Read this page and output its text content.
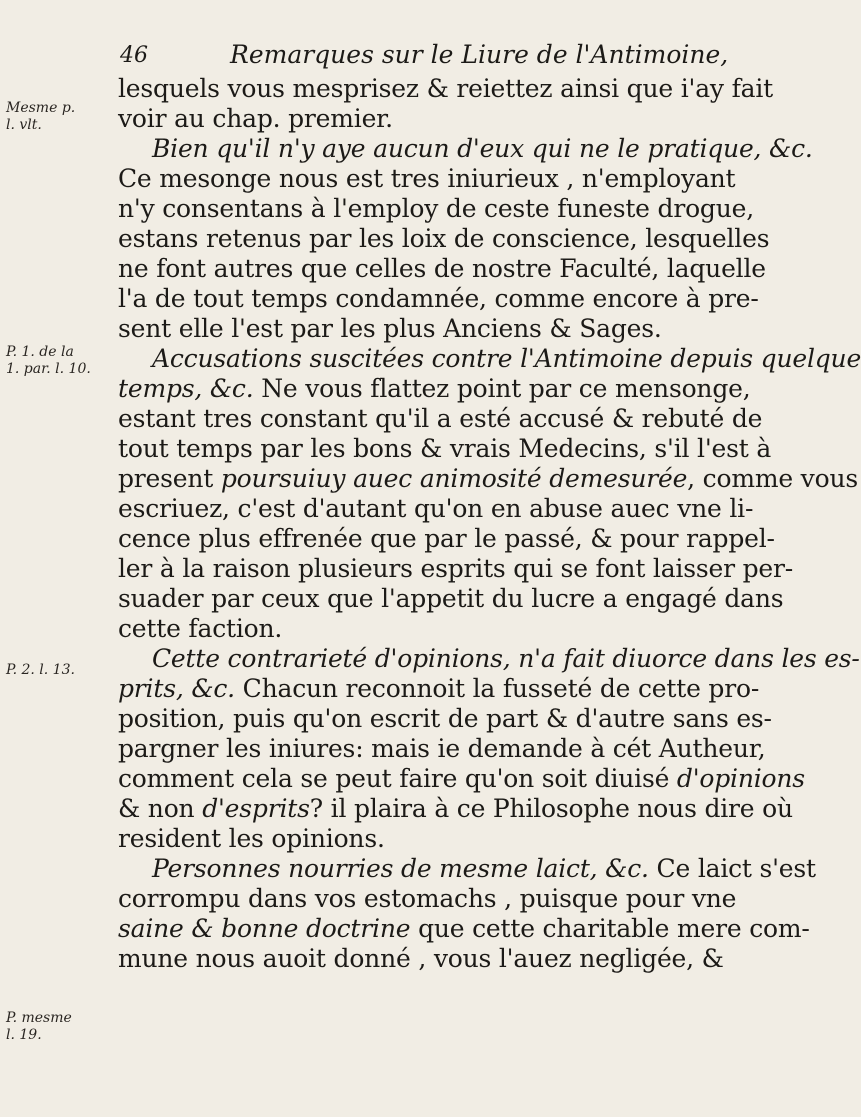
46	Remarques sur le Liure de l'Antimoine,
Mesme p.
l. vlt.
P. 1. de la
1. par. l. 10.
P. 2. l. 13.
P. mesme
l. 19.
lesquels vous mesprisez & reiettez ainsi que i'ay fait
voir au chap. premier.
Bien qu'il n'y aye aucun d'eux qui ne le pratique, &c.
Ce mesonge nous est tres iniurieux , n'employant
n'y consentans à l'employ de ceste funeste drogue,
estans retenus par les loix de conscience, lesquelles
ne font autres que celles de nostre Faculté, laquelle
l'a de tout temps condamnée, comme encore à pre-
sent elle l'est par les plus Anciens & Sages.
Accusations suscitées contre l'Antimoine depuis quelque
temps, &c. Ne vous flattez point par ce mensonge,
estant tres constant qu'il a esté accusé & rebuté de
tout temps par les bons & vrais Medecins, s'il l'est à
present poursuiuy auec animosité demesurée, comme vous
escriuez, c'est d'autant qu'on en abuse auec vne li-
cence plus effrenée que par le passé, & pour rappel-
ler à la raison plusieurs esprits qui se font laisser per-
suader par ceux que l'appetit du lucre a engagé dans
cette faction.
Cette contrarieté d'opinions, n'a fait diuorce dans les es-
prits, &c. Chacun reconnoit la fusseté de cette pro-
position, puis qu'on escrit de part & d'autre sans es-
pargner les iniures: mais ie demande à cét Autheur,
comment cela se peut faire qu'on soit diuisé d'opinions
& non d'esprits? il plaira à ce Philosophe nous dire où
resident les opinions.
Personnes nourries de mesme laict, &c. Ce laict s'est
corrompu dans vos estomachs , puisque pour vne
saine & bonne doctrine que cette charitable mere com-
mune nous auoit donné , vous l'auez negligée, &
